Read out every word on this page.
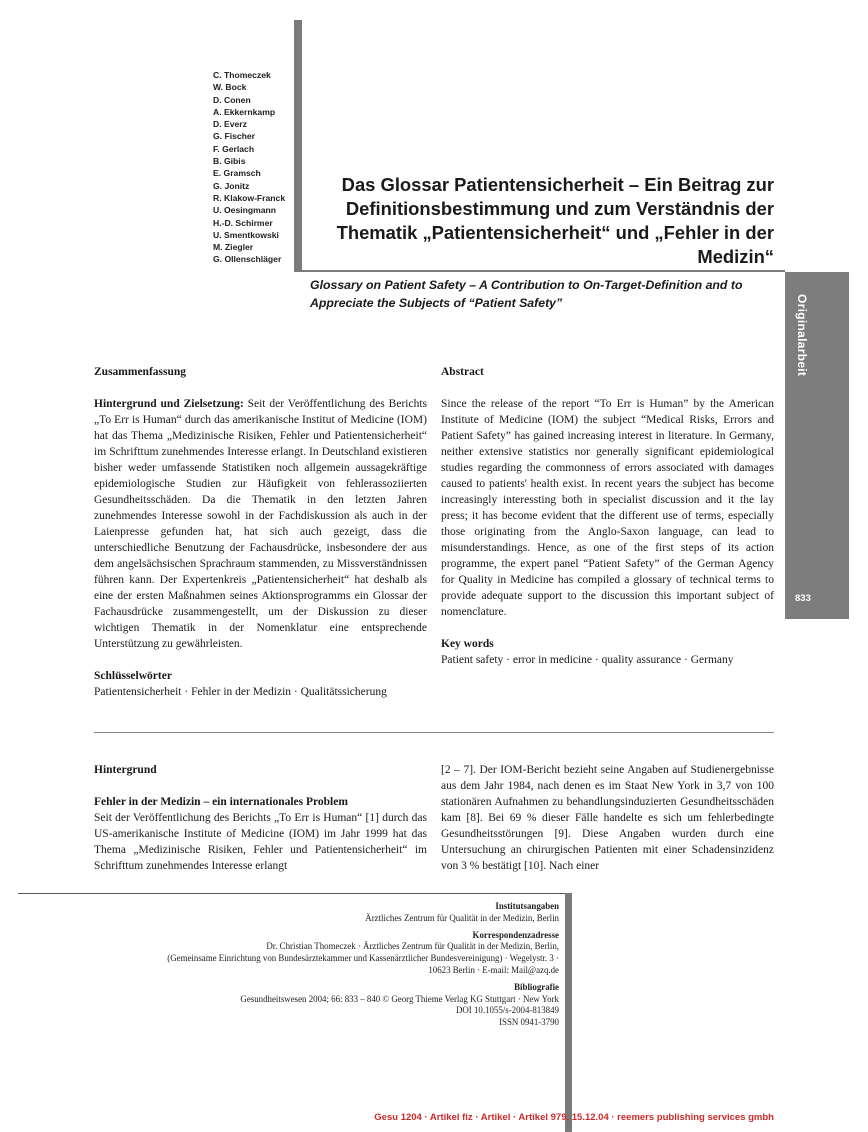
C. Thomeczek
W. Bock
D. Conen
A. Ekkernkamp
D. Everz
G. Fischer
F. Gerlach
B. Gibis
E. Gramsch
G. Jonitz
R. Klakow-Franck
U. Oesingmann
H.-D. Schirmer
U. Smentkowski
M. Ziegler
G. Ollenschläger
Das Glossar Patientensicherheit – Ein Beitrag zur
Definitionsbestimmung und zum Verständnis der
Thematik „Patientensicherheit“ und „Fehler in der
Medizin“
Glossary on Patient Safety – A Contribution to On-Target-Definition and to
Appreciate the Subjects of “Patient Safety”	Originalarbeit
833

Zusammenfassung

Hintergrund und Zielsetzung: Seit der Veröffentlichung des Berichts „To Err is Human“ durch das amerikanische Institut of Medicine (IOM) hat das Thema „Medizinische Risiken, Fehler und Patientensicherheit“ im Schrifttum zunehmendes Interesse erlangt. In Deutschland existieren bisher weder umfassende Statistiken noch allgemein aussagekräftige epidemiologische Studien zur Häufigkeit von fehlerassoziierten Gesundheitsschäden. Da die Thematik in den letzten Jahren zunehmendes Interesse sowohl in der Fachdiskussion als auch in der Laienpresse gefunden hat, hat sich auch gezeigt, dass die unterschiedliche Benutzung der Fachausdrücke, insbesondere der aus dem angelsächsischen Sprachraum stammenden, zu Missverständnissen führen kann. Der Expertenkreis „Patientensicherheit“ hat deshalb als eine der ersten Maßnahmen seines Aktionsprogramms ein Glossar der Fachausdrücke zusammengestellt, um der Diskussion zu dieser wichtigen Thematik in der Nomenklatur eine entsprechende Unterstützung zu gewährleisten.

Schlüsselwörter

Patientensicherheit · Fehler in der Medizin · Qualitätssicherung

Abstract

Since the release of the report “To Err is Human” by the American Institute of Medicine (IOM) the subject “Medical Risks, Errors and Patient Safety” has gained increasing interest in literature. In Germany, neither extensive statistics nor generally significant epidemiological studies regarding the commonness of errors associated with damages caused to patients' health exist. In recent years the subject has become increasingly interessting both in specialist discussion and it the lay press; it has become evident that the different use of terms, especially those originating from the Anglo-Saxon language, can lead to misunderstandings. Hence, as one of the first steps of its action programme, the expert panel “Patient Safety” of the German Agency for Quality in Medicine has compiled a glossary of technical terms to provide adequate support to the discussion this important subject of nomenclature.

Key words

Patient safety · error in medicine · quality assurance · Germany

Hintergrund

Fehler in der Medizin – ein internationales Problem

Seit der Veröffentlichung des Berichts „To Err is Human“ [1] durch das US-amerikanische Institute of Medicine (IOM) im Jahr 1999 hat das Thema „Medizinische Risiken, Fehler und Patientensicherheit“ im Schrifttum zunehmendes Interesse erlangt

[2 – 7]. Der IOM-Bericht bezieht seine Angaben auf Studienergebnisse aus dem Jahr 1984, nach denen es im Staat New York in 3,7 von 100 stationären Aufnahmen zu behandlungsinduzierten Gesundheitsschäden kam [8]. Bei 69 % dieser Fälle handelte es sich um fehlerbedingte Gesundheitsstörungen [9]. Diese Angaben wurden durch eine Untersuchung an chirurgischen Patienten mit einer Schadensinzidenz von 3 % bestätigt [10]. Nach einer

Institutsangaben
Ärztliches Zentrum für Qualität in der Medizin, Berlin
Korrespondenzadresse
Dr. Christian Thomeczek · Ärztliches Zentrum für Qualität in der Medizin, Berlin,
(Gemeinsame Einrichtung von Bundesärztekammer und Kassenärztlicher Bundesvereinigung) · Wegelystr. 3 ·
10623 Berlin · E-mail: Mail@azq.de
Bibliografie
Gesundheitswesen 2004; 66: 833 – 840 © Georg Thieme Verlag KG Stuttgart · New York
DOI 10.1055/s-2004-813849
ISSN 0941-3790
Gesu 1204 · Artikel fiz · Artikel · Artikel 979, 15.12.04 · reemers publishing services gmbh
